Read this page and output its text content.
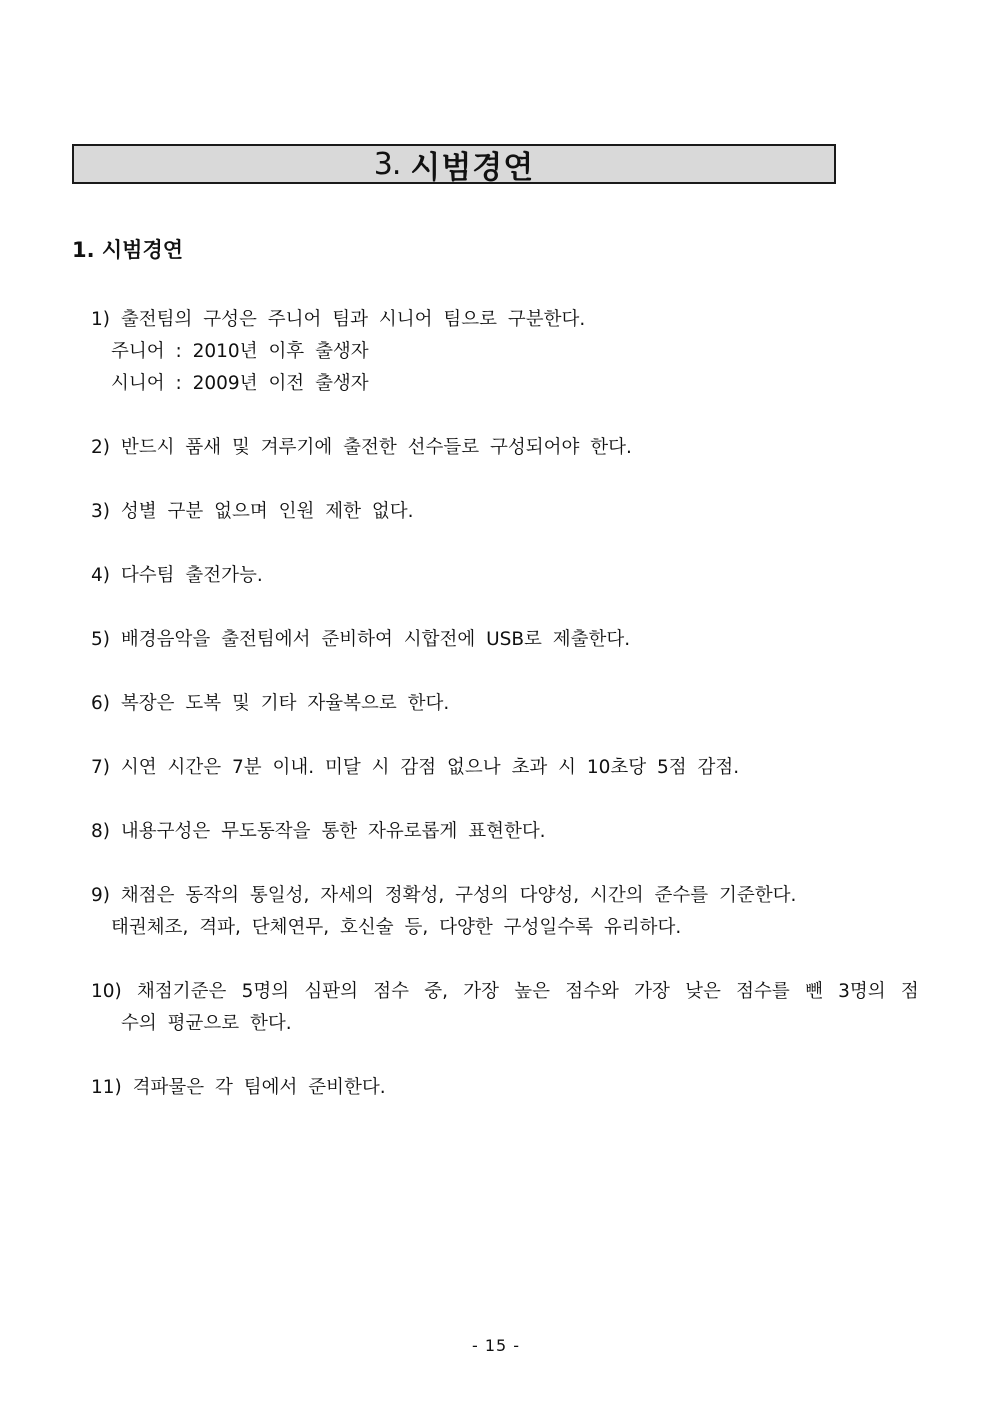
3. 시범경연
1. 시범경연
1) 출전팀의 구성은 주니어 팀과 시니어 팀으로 구분한다.
주니어 : 2010년 이후 출생자
시니어 : 2009년 이전 출생자
2) 반드시 품새 및 겨루기에 출전한 선수들로 구성되어야 한다.
3) 성별 구분 없으며 인원 제한 없다.
4) 다수팀 출전가능.
5) 배경음악을 출전팀에서 준비하여 시합전에 USB로 제출한다.
6) 복장은 도복 및 기타 자율복으로 한다.
7) 시연 시간은 7분 이내. 미달 시 감점 없으나 초과 시 10초당 5점 감점.
8) 내용구성은 무도동작을 통한 자유로롭게 표현한다.
9) 채점은 동작의 통일성, 자세의 정확성, 구성의 다양성, 시간의 준수를 기준한다.
태권체조, 격파, 단체연무, 호신술 등, 다양한 구성일수록 유리하다.
10) 채점기준은 5명의 심판의 점수 중, 가장 높은 점수와 가장 낮은 점수를 뺀 3명의 점
수의 평균으로 한다.
11) 격파물은 각 팀에서 준비한다.
- 15 -
